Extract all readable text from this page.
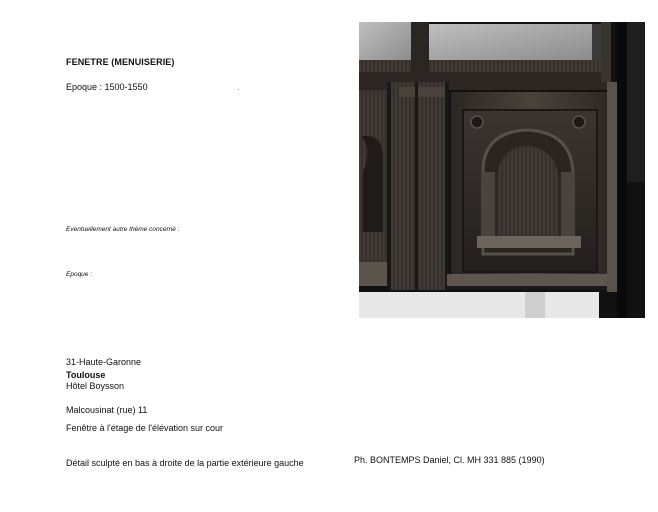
FENETRE (MENUISERIE)

Epoque : 1500-1550

Eventuellement autre thème concerné :

Epoque :

31-Haute-Garonne

Toulouse

Hôtel Boysson

Malcousinat (rue) 11

Fenêtre à l'étage de l'élévation sur cour

Détail sculpté en bas à droite de la partie extérieure gauche	Ph. BONTEMPS Daniel, Cl. MH 331 885 (1990)
